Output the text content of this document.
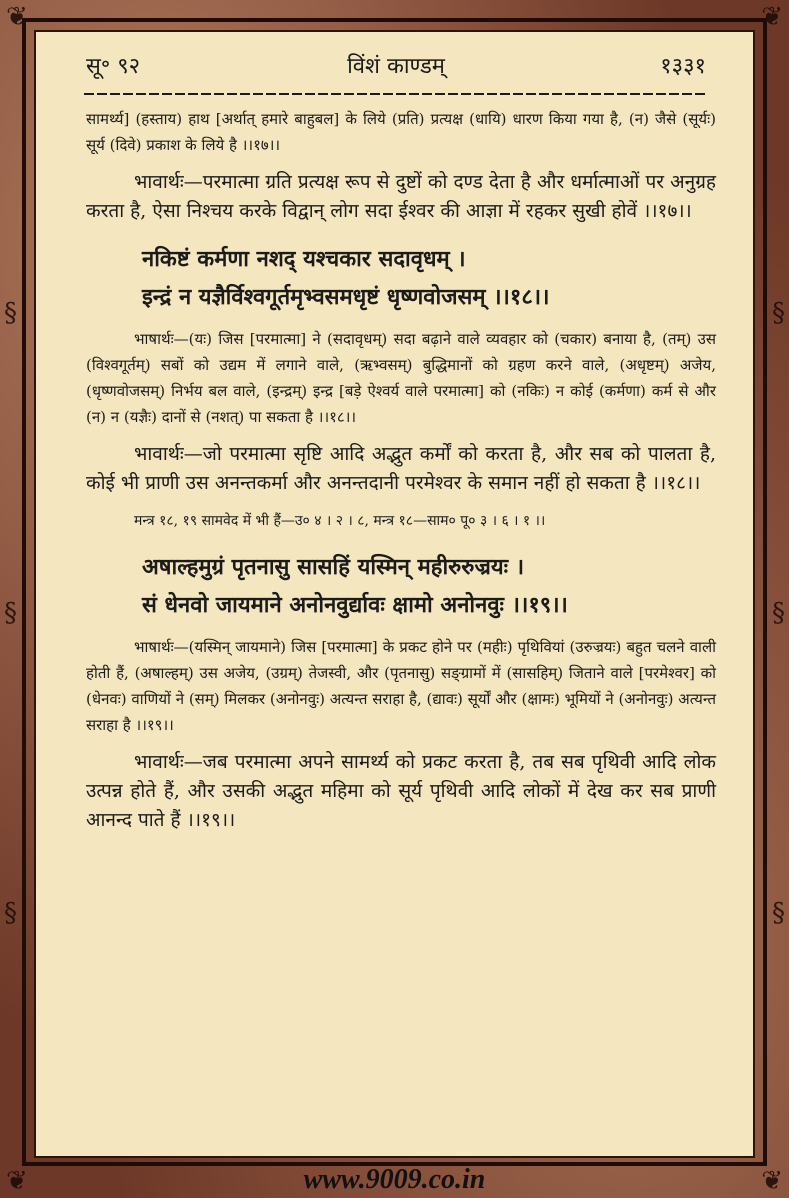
❦	❦
❦	❦
§
§
§
§
§
§
सू॰ ९२	विंशं काण्डम्	१३३१

सामर्थ्य] (हस्ताय) हाथ [अर्थात् हमारे बाहुबल] के लिये (प्रति) प्रत्यक्ष (धायि) धारण किया गया है, (न) जैसे (सूर्यः) सूर्य (दिवे) प्रकाश के लिये है ।।१७।।

भावार्थः—परमात्मा ग्रति प्रत्यक्ष रूप से दुष्टों को दण्ड देता है और धर्मात्माओं पर अनुग्रह करता है, ऐसा निश्चय करके विद्वान् लोग सदा ईश्वर की आज्ञा में रहकर सुखी होवें ।।१७।।

नकिष्टं कर्मणा नशद् यश्चकार सदावृधम् ।
इन्द्रं न यज्ञैर्विश्वगूर्तमृभ्वसमधृष्टं धृष्णवोजसम् ।।१८।।

भाषार्थः—(यः) जिस [परमात्मा] ने (सदावृधम्) सदा बढ़ाने वाले व्यवहार को (चकार) बनाया है, (तम्) उस (विश्वगूर्तम्) सबों को उद्यम में लगाने वाले, (ऋभ्वसम्) बुद्धिमानों को ग्रहण करने वाले, (अधृष्टम्) अजेय, (धृष्णवोजसम्) निर्भय बल वाले, (इन्द्रम्) इन्द्र [बड़े ऐश्वर्य वाले परमात्मा] को (नकिः) न कोई (कर्मणा) कर्म से और (न) न (यज्ञैः) दानों से (नशत्) पा सकता है ।।१८।।

भावार्थः—जो परमात्मा सृष्टि आदि अद्भुत कर्मों को करता है, और सब को पालता है, कोई भी प्राणी उस अनन्तकर्मा और अनन्तदानी परमेश्वर के समान नहीं हो सकता है ।।१८।।

मन्त्र १८, १९ सामवेद में भी हैं—उ० ४ । २ । ८, मन्त्र १८—साम० पू० ३ । ६ । १ ।।

अषाल्हमुग्रं पृतनासु सासहिं यस्मिन् महीरुरुज्रयः ।
सं धेनवो जायमाने अनोनवुर्द्यावः क्षामो अनोनवुः ।।१९।।

भाषार्थः—(यस्मिन् जायमाने) जिस [परमात्मा] के प्रकट होने पर (महीः) पृथिवियां (उरुज्रयः) बहुत चलने वाली होती हैं, (अषाल्हम्) उस अजेय, (उग्रम्) तेजस्वी, और (पृतनासु) सङ्ग्रामों में (सासहिम्) जिताने वाले [परमेश्वर] को (धेनवः) वाणियों ने (सम्) मिलकर (अनोनवुः) अत्यन्त सराहा है, (द्यावः) सूर्यों और (क्षामः) भूमियों ने (अनोनवुः) अत्यन्त सराहा है ।।१९।।

भावार्थः—जब परमात्मा अपने सामर्थ्य को प्रकट करता है, तब सब पृथिवी आदि लोक उत्पन्न होते हैं, और उसकी अद्भुत महिमा को सूर्य पृथिवी आदि लोकों में देख कर सब प्राणी आनन्द पाते हैं ।।१९।।

www.9009.co.in
